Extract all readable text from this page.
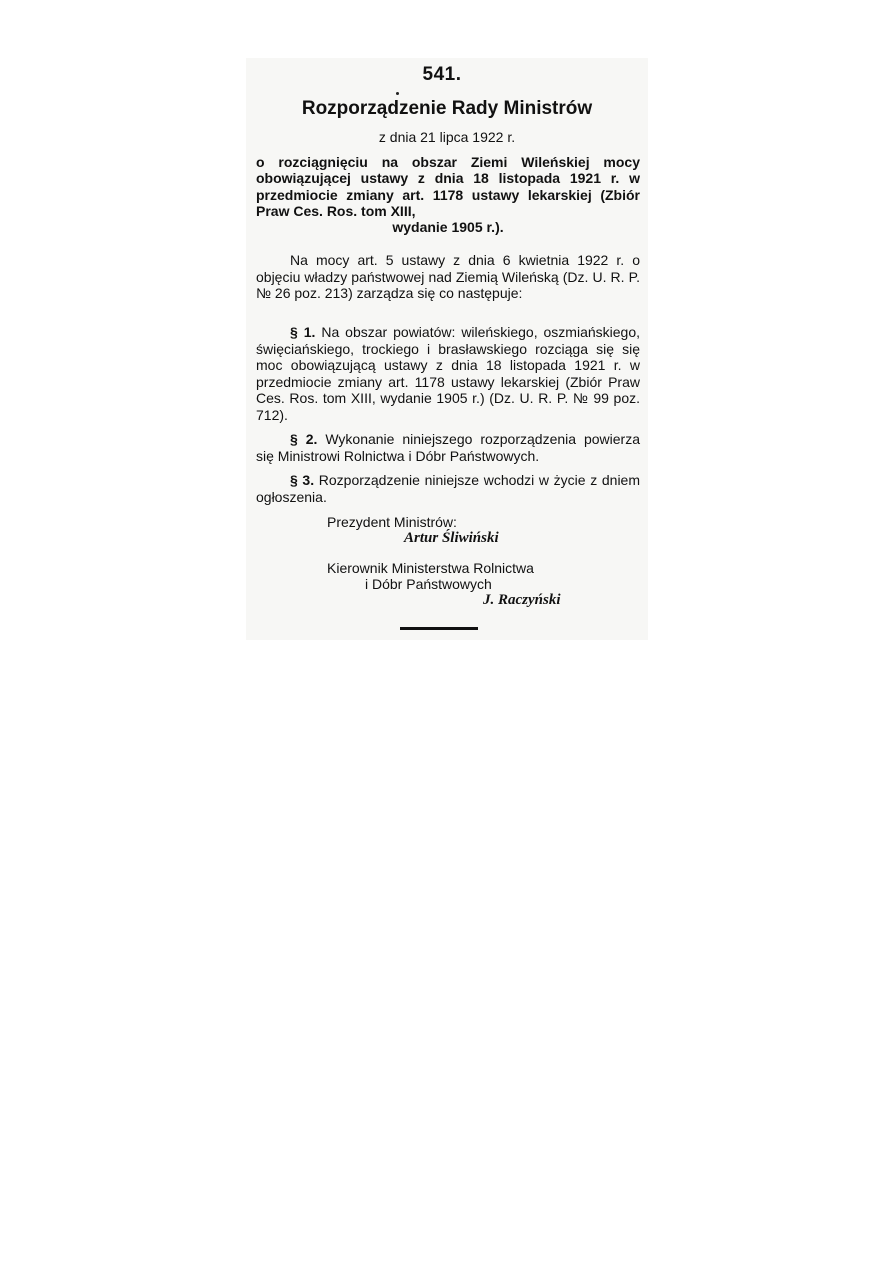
541.
Rozporządzenie Rady Ministrów
z dnia 21 lipca 1922 r.
o rozciągnięciu na obszar Ziemi Wileńskiej mocy obowiązującej ustawy z dnia 18 listopada 1921 r. w przedmiocie zmiany art. 1178 ustawy lekarskiej (Zbiór Praw Ces. Ros. tom XIII,
wydanie 1905 r.).
Na mocy art. 5 ustawy z dnia 6 kwietnia 1922 r. o objęciu władzy państwowej nad Ziemią Wileńską (Dz. U. R. P. № 26 poz. 213) zarządza się co następuje:
§ 1. Na obszar powiatów: wileńskiego, oszmiańskiego, święciańskiego, trockiego i brasławskiego rozciąga się się moc obowiązującą ustawy z dnia 18 listopada 1921 r. w przedmiocie zmiany art. 1178 ustawy lekarskiej (Zbiór Praw Ces. Ros. tom XIII, wydanie 1905 r.) (Dz. U. R. P. № 99 poz. 712).
§ 2. Wykonanie niniejszego rozporządzenia powierza się Ministrowi Rolnictwa i Dóbr Państwowych.
§ 3. Rozporządzenie niniejsze wchodzi w życie z dniem ogłoszenia.
Prezydent Ministrów:
Artur Śliwiński
Kierownik Ministerstwa Rolnictwa
i Dóbr Państwowych
J. Raczyński
